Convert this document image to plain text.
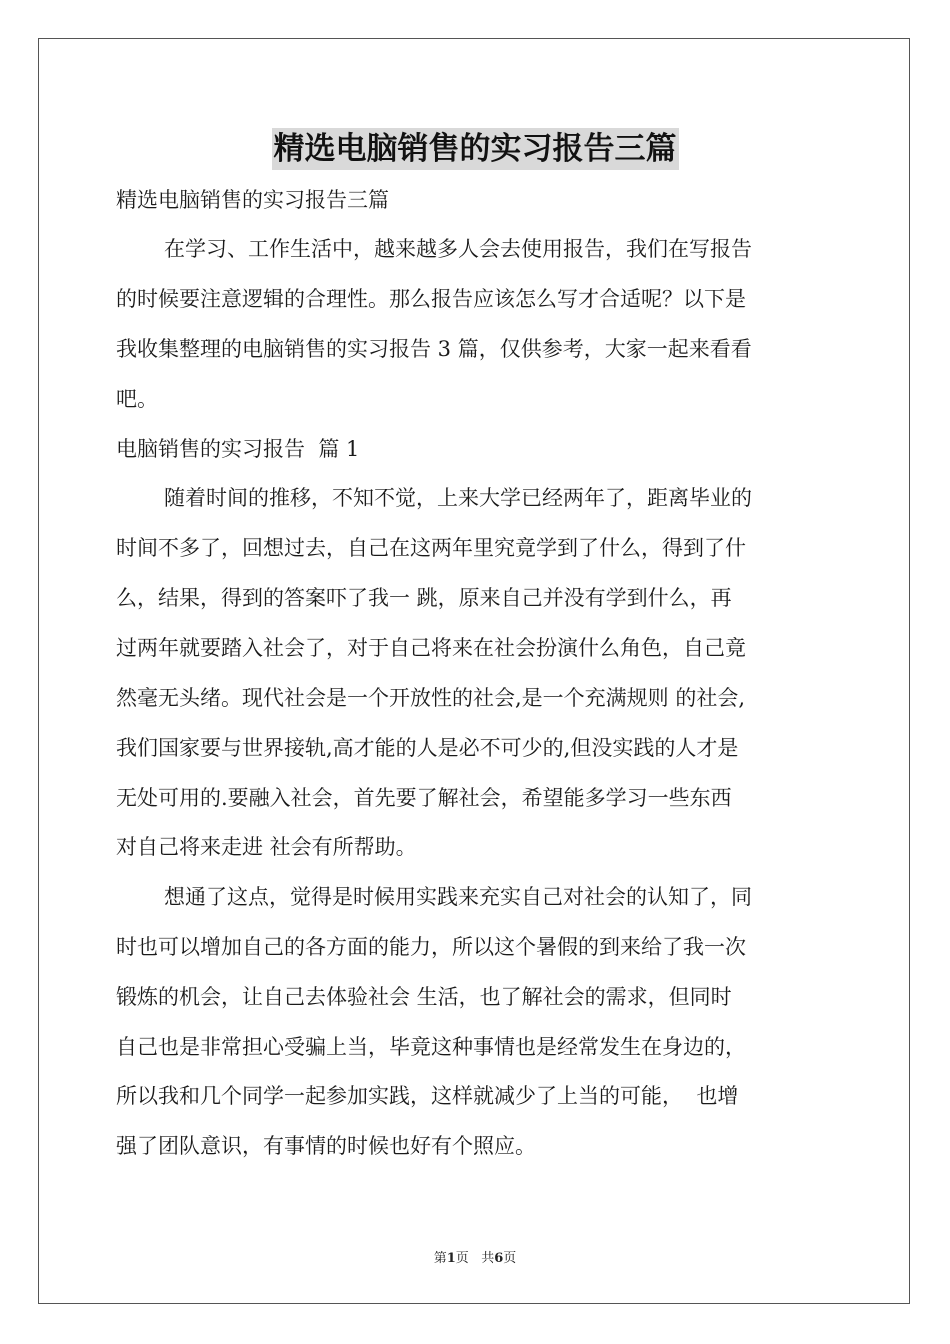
精选电脑销售的实习报告三篇
精选电脑销售的实习报告三篇
在学习、工作生活中，越来越多人会去使用报告，我们在写报告
的时候要注意逻辑的合理性。那么报告应该怎么写才合适呢？以下是
我收集整理的电脑销售的实习报告 3 篇，仅供参考，大家一起来看看
吧。
电脑销售的实习报告  篇 1
随着时间的推移，不知不觉，上来大学已经两年了，距离毕业的
时间不多了，回想过去，自己在这两年里究竟学到了什么，得到了什
么，结果，得到的答案吓了我一 跳，原来自己并没有学到什么，再
过两年就要踏入社会了，对于自己将来在社会扮演什么角色，自己竟
然毫无头绪。现代社会是一个开放性的社会,是一个充满规则 的社会,
我们国家要与世界接轨,高才能的人是必不可少的,但没实践的人才是
无处可用的.要融入社会，首先要了解社会，希望能多学习一些东西
对自己将来走进 社会有所帮助。
想通了这点，觉得是时候用实践来充实自己对社会的认知了，同
时也可以增加自己的各方面的能力，所以这个暑假的到来给了我一次
锻炼的机会，让自己去体验社会 生活，也了解社会的需求，但同时
自己也是非常担心受骗上当，毕竟这种事情也是经常发生在身边的，
所以我和几个同学一起参加实践，这样就减少了上当的可能，  也增
强了团队意识，有事情的时候也好有个照应。
第1页 共6页
